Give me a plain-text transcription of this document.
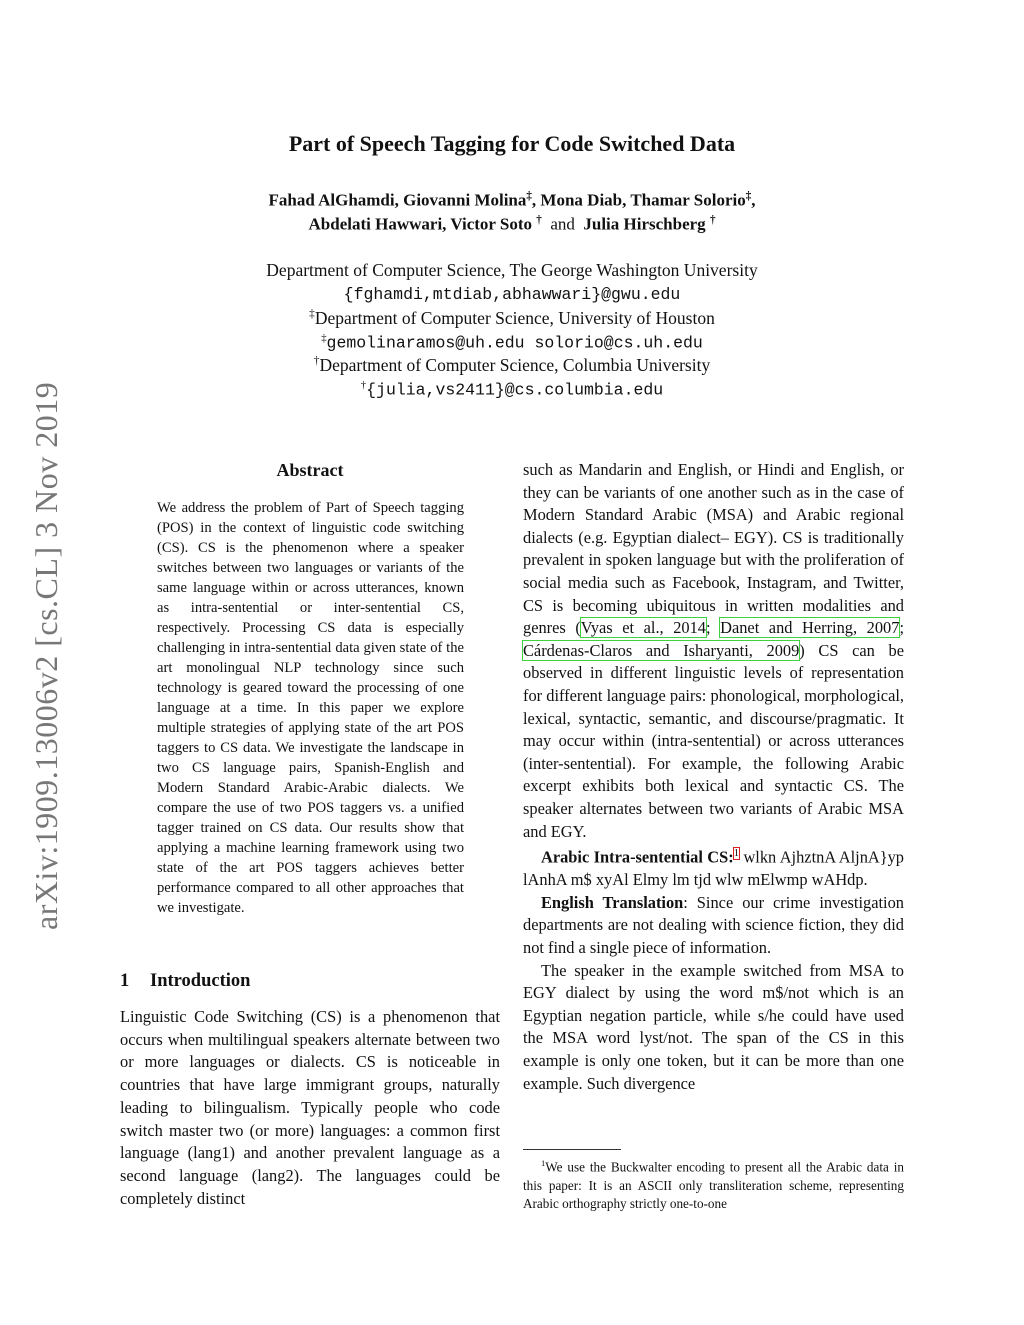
arXiv:1909.13006v2 [cs.CL] 3 Nov 2019
Part of Speech Tagging for Code Switched Data
Fahad AlGhamdi, Giovanni Molina‡, Mona Diab, Thamar Solorio‡,
Abdelati Hawwari, Victor Soto † and Julia Hirschberg †
Department of Computer Science, The George Washington University
{fghamdi,mtdiab,abhawwari}@gwu.edu
‡Department of Computer Science, University of Houston
‡gemolinaramos@uh.edu solorio@cs.uh.edu
†Department of Computer Science, Columbia University
†{julia,vs2411}@cs.columbia.edu
Abstract
We address the problem of Part of Speech tagging (POS) in the context of linguistic code switching (CS). CS is the phenomenon where a speaker switches between two languages or variants of the same language within or across utterances, known as intra-sentential or inter-sentential CS, respectively. Processing CS data is especially challenging in intra-sentential data given state of the art monolingual NLP technology since such technology is geared toward the processing of one language at a time. In this paper we explore multiple strategies of applying state of the art POS taggers to CS data. We investigate the landscape in two CS language pairs, Spanish-English and Modern Standard Arabic-Arabic dialects. We compare the use of two POS taggers vs. a unified tagger trained on CS data. Our results show that applying a machine learning framework using two state of the art POS taggers achieves better performance compared to all other approaches that we investigate.
1 Introduction
Linguistic Code Switching (CS) is a phenomenon that occurs when multilingual speakers alternate between two or more languages or dialects. CS is noticeable in countries that have large immigrant groups, naturally leading to bilingualism. Typically people who code switch master two (or more) languages: a common first language (lang1) and another prevalent language as a second language (lang2). The languages could be completely distinct

such as Mandarin and English, or Hindi and English, or they can be variants of one another such as in the case of Modern Standard Arabic (MSA) and Arabic regional dialects (e.g. Egyptian dialect– EGY). CS is traditionally prevalent in spoken language but with the proliferation of social media such as Facebook, Instagram, and Twitter, CS is becoming ubiquitous in written modalities and genres (Vyas et al., 2014; Danet and Herring, 2007; Cárdenas-Claros and Isharyanti, 2009) CS can be observed in different linguistic levels of representation for different language pairs: phonological, morphological, lexical, syntactic, semantic, and discourse/pragmatic. It may occur within (intra-sentential) or across utterances (inter-sentential). For example, the following Arabic excerpt exhibits both lexical and syntactic CS. The speaker alternates between two variants of Arabic MSA and EGY.

Arabic Intra-sentential CS:$^1$ wlkn AjhztnA AljnA}yp lAnhA m$ xyAl Elmy lm tjd wlw mElwmp wAHdp.

English Translation: Since our crime investigation departments are not dealing with science fiction, they did not find a single piece of information.

The speaker in the example switched from MSA to EGY dialect by using the word m$/not which is an Egyptian negation particle, while s/he could have used the MSA word lyst/not. The span of the CS in this example is only one token, but it can be more than one example. Such divergence

$^1$We use the Buckwalter encoding to present all the Arabic data in this paper: It is an ASCII only transliteration scheme, representing Arabic orthography strictly one-to-one
